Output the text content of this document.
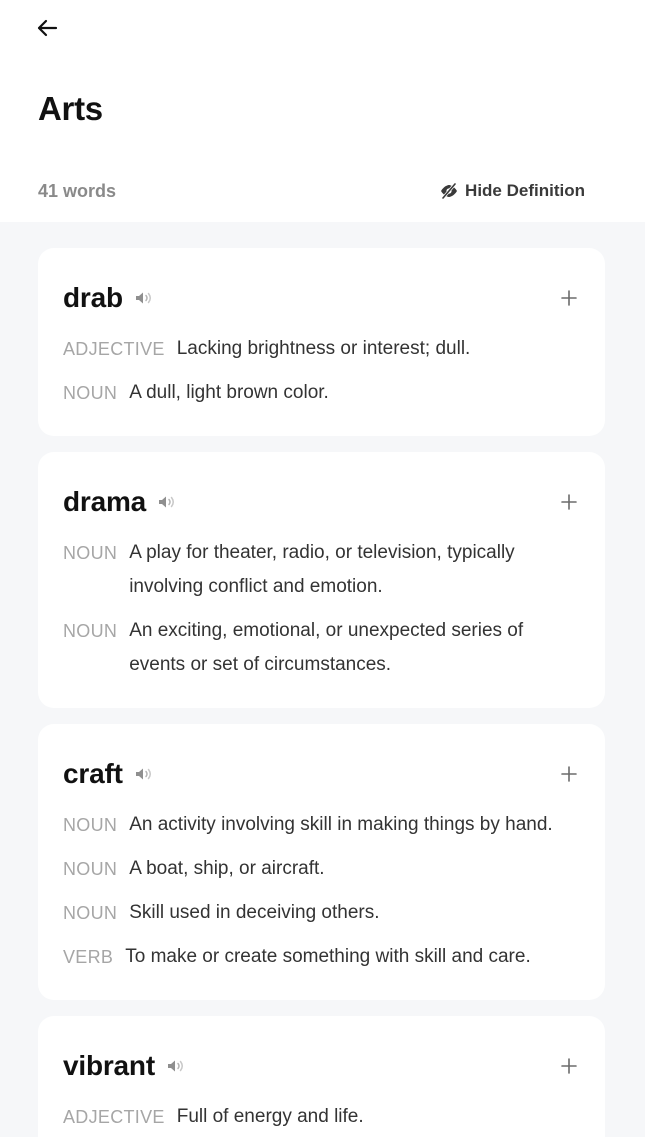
Arts
41 words	Hide Definition
drab
ADJECTIVE Lacking brightness or interest; dull.
NOUN A dull, light brown color.
drama
NOUN A play for theater, radio, or television, typically involving conflict and emotion.
NOUN An exciting, emotional, or unexpected series of events or set of circumstances.
craft
NOUN An activity involving skill in making things by hand.
NOUN A boat, ship, or aircraft.
NOUN Skill used in deceiving others.
VERB To make or create something with skill and care.
vibrant
ADJECTIVE Full of energy and life.
